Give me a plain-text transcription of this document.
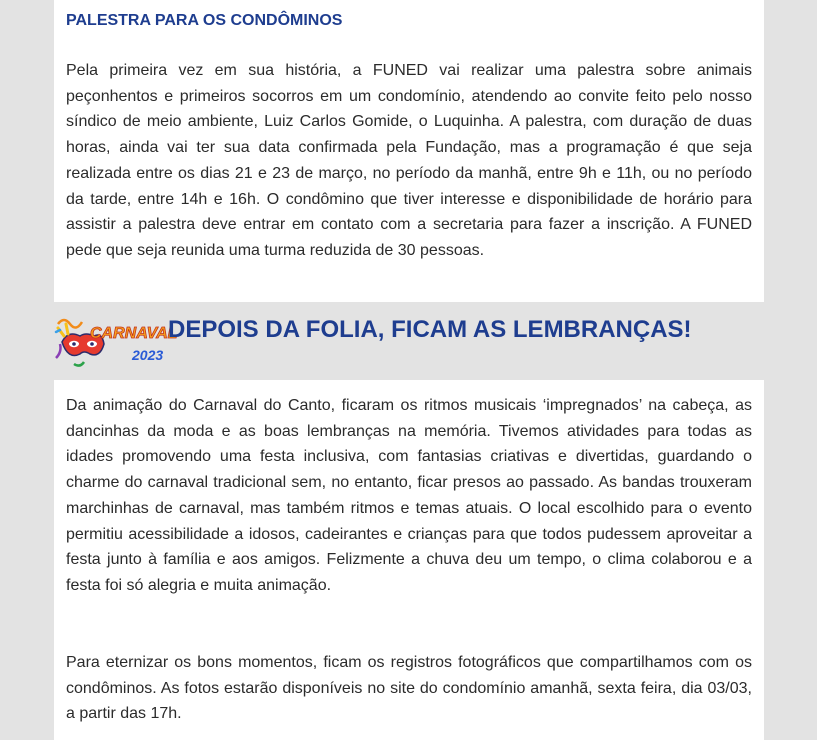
PALESTRA PARA OS CONDÔMINOS

Pela primeira vez em sua história, a FUNED vai realizar uma palestra sobre animais peçonhentos e primeiros socorros em um condomínio, atendendo ao convite feito pelo nosso síndico de meio ambiente, Luiz Carlos Gomide, o Luquinha. A palestra, com duração de duas horas, ainda vai ter sua data confirmada pela Fundação, mas a programação é que seja realizada entre os dias 21 e 23 de março, no período da manhã, entre 9h e 11h, ou no período da tarde, entre 14h e 16h. O condômino que tiver interesse e disponibilidade de horário para assistir a palestra deve entrar em contato com a secretaria para fazer a inscrição. A FUNED pede que seja reunida uma turma reduzida de 30 pessoas.

CARNAVAL
2023
DEPOIS DA FOLIA, FICAM AS LEMBRANÇAS!

Da animação do Carnaval do Canto, ficaram os ritmos musicais ‘impregnados’ na cabeça, as dancinhas da moda e as boas lembranças na memória. Tivemos atividades para todas as idades promovendo uma festa inclusiva, com fantasias criativas e divertidas, guardando o charme do carnaval tradicional sem, no entanto, ficar presos ao passado. As bandas trouxeram marchinhas de carnaval, mas também ritmos e temas atuais. O local escolhido para o evento permitiu acessibilidade a idosos, cadeirantes e crianças para que todos pudessem aproveitar a festa junto à família e aos amigos. Felizmente a chuva deu um tempo, o clima colaborou e a festa foi só alegria e muita animação.

Para eternizar os bons momentos, ficam os registros fotográficos que compartilhamos com os condôminos. As fotos estarão disponíveis no site do condomínio amanhã, sexta feira, dia 03/03, a partir das 17h.
